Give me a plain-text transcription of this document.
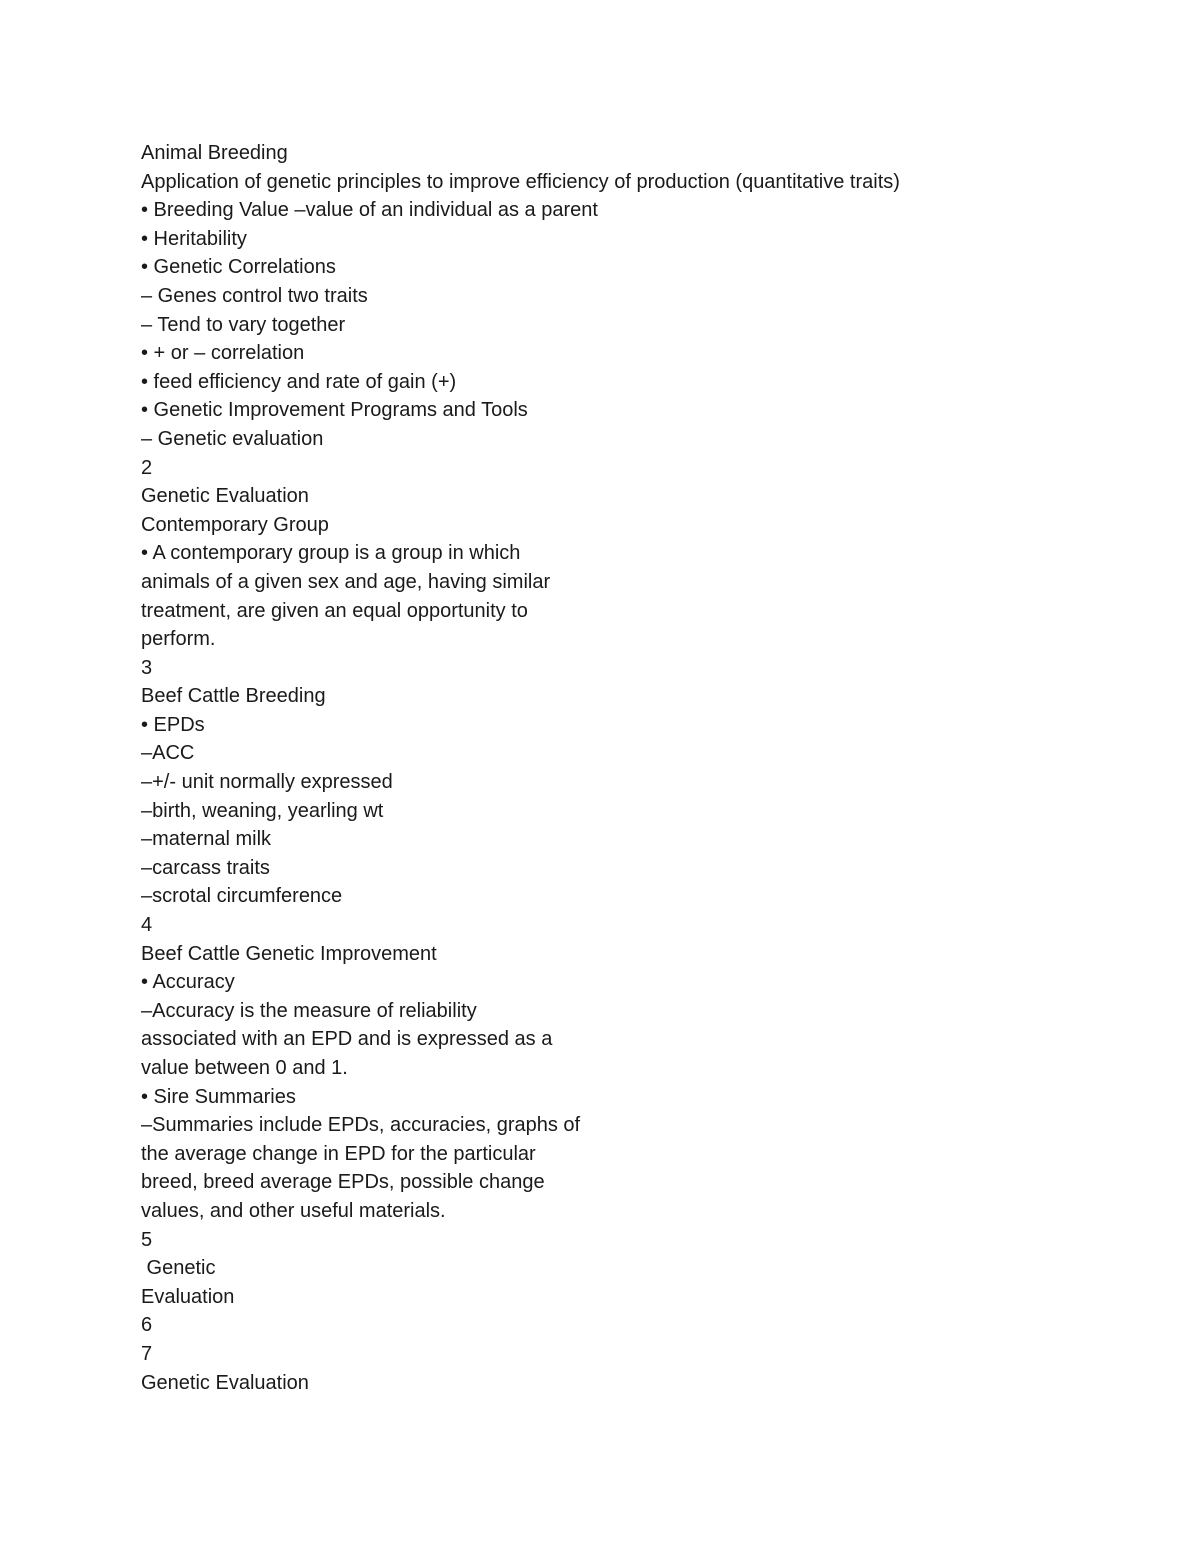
Animal Breeding
Application of genetic principles to improve efficiency of production (quantitative traits)
• Breeding Value –value of an individual as a parent
• Heritability
• Genetic Correlations
– Genes control two traits
– Tend to vary together
• + or – correlation
• feed efficiency and rate of gain (+)
• Genetic Improvement Programs and Tools
– Genetic evaluation
2
Genetic Evaluation
Contemporary Group
• A contemporary group is a group in which
animals of a given sex and age, having similar
treatment, are given an equal opportunity to
perform.
3
Beef Cattle Breeding
• EPDs
–ACC
–+/- unit normally expressed
–birth, weaning, yearling wt
–maternal milk
–carcass traits
–scrotal circumference
4
Beef Cattle Genetic Improvement
• Accuracy
–Accuracy is the measure of reliability
associated with an EPD and is expressed as a
value between 0 and 1.
• Sire Summaries
–Summaries include EPDs, accuracies, graphs of
the average change in EPD for the particular
breed, breed average EPDs, possible change
values, and other useful materials.
5
Genetic
Evaluation
6
7
Genetic Evaluation
